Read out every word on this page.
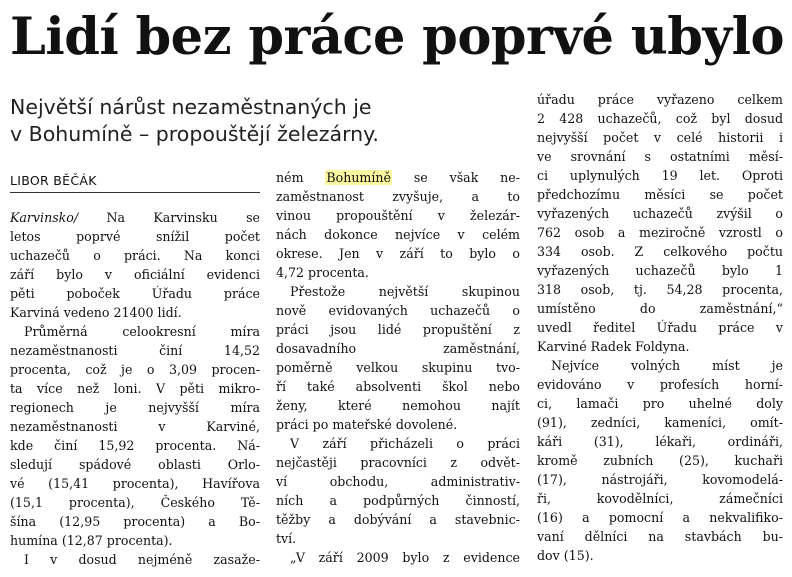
Lidí bez práce poprvé ubylo
Největší nárůst nezaměstnaných je
v Bohumíně – propouštějí železárny.
LIBOR BĚČÁK
Karvinsko/ Na Karvinsku se
letos poprvé snížil počet
uchazečů o práci. Na konci
září bylo v oficiální evidenci
pěti poboček Úřadu práce
Karviná vedeno 21400 lidí.
Průměrná celookresní míra
nezaměstnanosti činí 14,52
procenta, což je o 3,09 procen-
ta více než loni. V pěti mikro-
regionech je nejvyšší míra
nezaměstnanosti v Karviné,
kde činí 15,92 procenta. Ná-
sledují spádové oblasti Orlo-
vé (15,41 procenta), Havířova
(15,1 procenta), Českého Tě-
šína (12,95 procenta) a Bo-
humína (12,87 procenta).
I v dosud nejméně zasaže-
ném Bohumíně se však ne-
zaměstnanost zvyšuje, a to
vinou propouštění v železár-
nách dokonce nejvíce v celém
okrese. Jen v září to bylo o
4,72 procenta.
Přestože největší skupinou
nově evidovaných uchazečů o
práci jsou lidé propuštění z
dosavadního zaměstnání,
poměrně velkou skupinu tvo-
ří také absolventi škol nebo
ženy, které nemohou najít
práci po mateřské dovolené.
V září přicházeli o práci
nejčastěji pracovníci z odvět-
ví obchodu, administrativ-
ních a podpůrných činností,
těžby a dobývání a stavebnic-
tví.
„V září 2009 bylo z evidence
úřadu práce vyřazeno celkem
2 428 uchazečů, což byl dosud
nejvyšší počet v celé historii i
ve srovnání s ostatními měsí-
ci uplynulých 19 let. Oproti
předchozímu měsíci se počet
vyřazených uchazečů zvýšil o
762 osob a meziročně vzrostl o
334 osob. Z celkového počtu
vyřazených uchazečů bylo 1
318 osob, tj. 54,28 procenta,
umístěno do zaměstnání,“
uvedl ředitel Úřadu práce v
Karviné Radek Foldyna.
Nejvíce volných míst je
evidováno v profesích horní-
ci, lamači pro uhelné doly
(91), zedníci, kameníci, omít-
káři (31), lékaři, ordináři,
kromě zubních (25), kuchaři
(17), nástrojáři, kovomodelá-
ři, kovodělníci, zámečníci
(16) a pomocní a nekvalifiko-
vaní dělníci na stavbách bu-
dov (15).
